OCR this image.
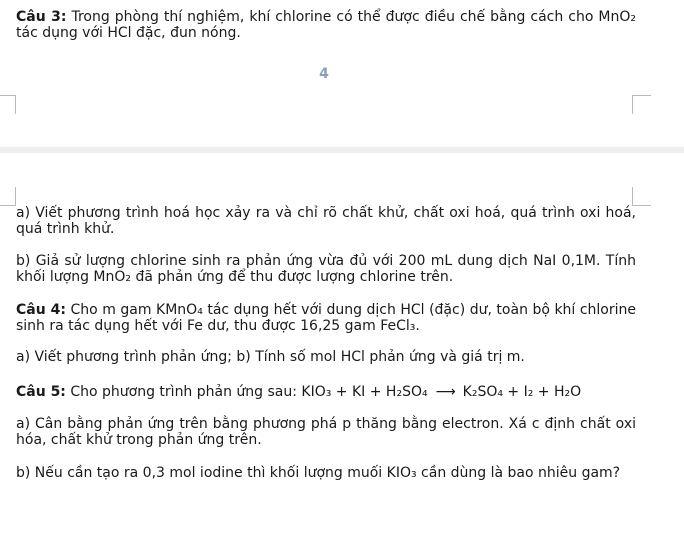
Câu 3: Trong phòng thí nghiệm, khí chlorine có thể được điều chế bằng cách cho MnO₂ tác dụng với HCl đặc, đun nóng.

4

a) Viết phương trình hoá học xảy ra và chỉ rõ chất khử, chất oxi hoá, quá trình oxi hoá, quá trình khử.

b) Giả sử lượng chlorine sinh ra phản ứng vừa đủ với 200 mL dung dịch NaI 0,1M. Tính khối lượng MnO₂ đã phản ứng để thu được lượng chlorine trên.

Câu 4: Cho m gam KMnO₄ tác dụng hết với dung dịch HCl (đặc) dư, toàn bộ khí chlorine sinh ra tác dụng hết với Fe dư, thu được 16,25 gam FeCl₃.

a) Viết phương trình phản ứng; b) Tính số mol HCl phản ứng và giá trị m.

Câu 5: Cho phương trình phản ứng sau: KIO₃ + KI + H₂SO₄ ⟶ K₂SO₄ + I₂ + H₂O

a) Cân bằng phản ứng trên bằng phương phá p thăng bằng electron. Xá c định chất oxi hóa, chất khử trong phản ứng trên.

b) Nếu cần tạo ra 0,3 mol iodine thì khối lượng muối KIO₃ cần dùng là bao nhiêu gam?
